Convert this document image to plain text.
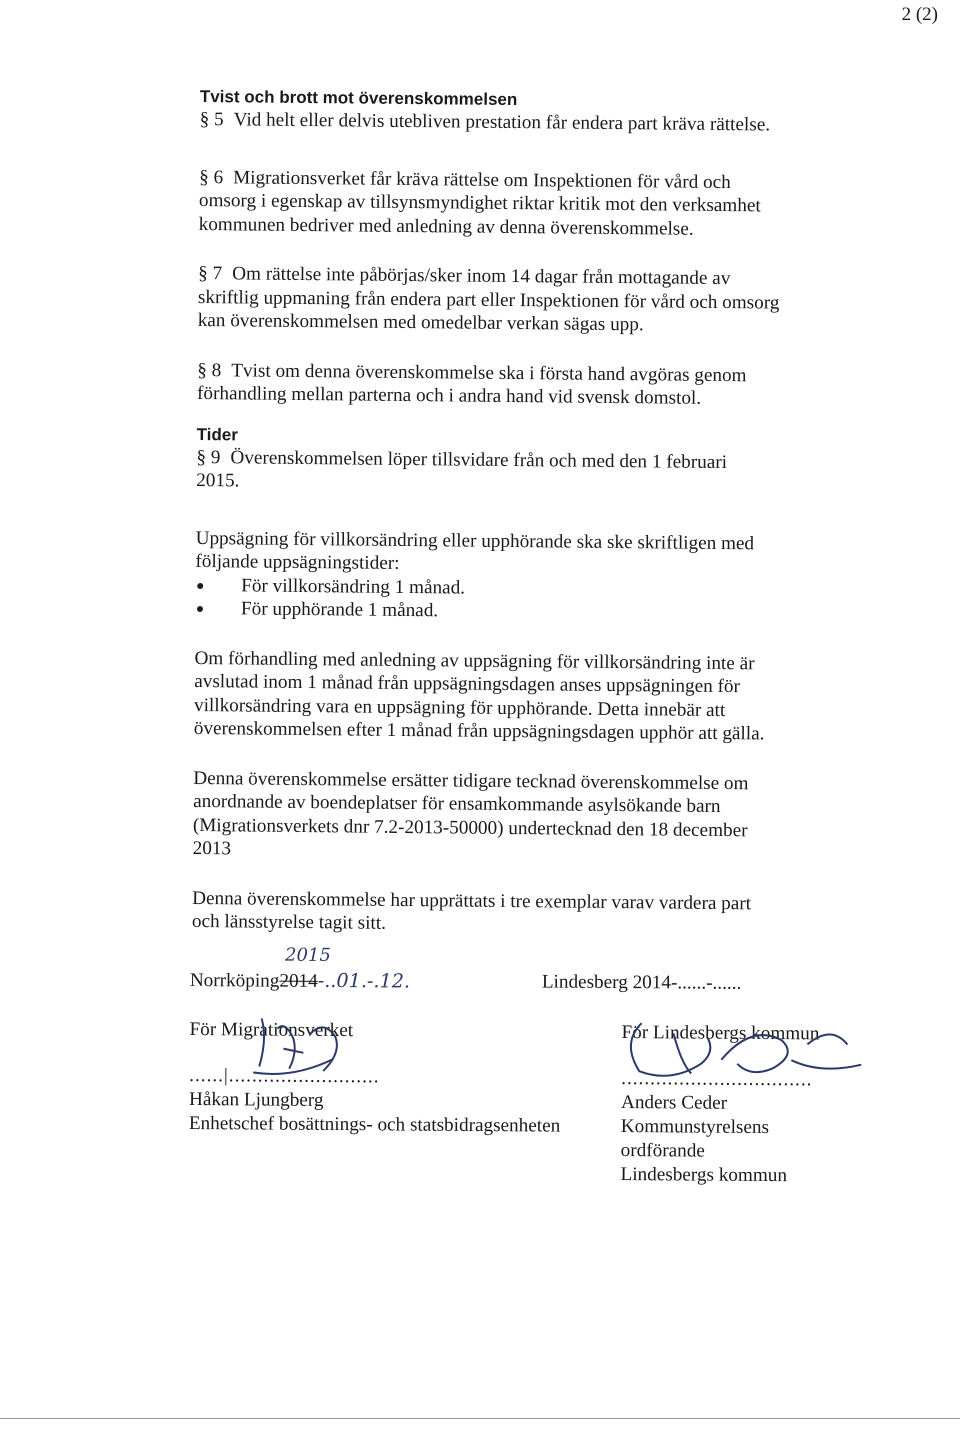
2 (2)
Tvist och brott mot överenskommelsen

§ 5 Vid helt eller delvis utebliven prestation får endera part kräva rättelse.

§ 6 Migrationsverket får kräva rättelse om Inspektionen för vård och
omsorg i egenskap av tillsynsmyndighet riktar kritik mot den verksamhet
kommunen bedriver med anledning av denna överenskommelse.
§ 7 Om rättelse inte påbörjas/sker inom 14 dagar från mottagande av
skriftlig uppmaning från endera part eller Inspektionen för vård och omsorg
kan överenskommelsen med omedelbar verkan sägas upp.
§ 8 Tvist om denna överenskommelse ska i första hand avgöras genom
förhandling mellan parterna och i andra hand vid svensk domstol.
Tider
§ 9 Överenskommelsen löper tillsvidare från och med den 1 februari
2015.
Uppsägning för villkorsändring eller upphörande ska ske skriftligen med
följande uppsägningstider:
För villkorsändring 1 månad.
För upphörande 1 månad.
Om förhandling med anledning av uppsägning för villkorsändring inte är
avslutad inom 1 månad från uppsägningsdagen anses uppsägningen för
villkorsändring vara en uppsägning för upphörande. Detta innebär att
överenskommelsen efter 1 månad från uppsägningsdagen upphör att gälla.
Denna överenskommelse ersätter tidigare tecknad överenskommelse om
anordnande av boendeplatser för ensamkommande asylsökande barn
(Migrationsverkets dnr 7.2-2013-50000) undertecknad den 18 december
2013
Denna överenskommelse har upprättats i tre exemplar varav vardera part
och länsstyrelse tagit sitt.
2015
Norrköping2014-..01.-.12.
För Migrationsverket
......|..........................
Håkan Ljungberg
Enhetschef bosättnings- och statsbidragsenheten
Lindesberg 2014-......-......
För Lindesbergs kommun
.................................
Anders Ceder
Kommunstyrelsens
ordförande
Lindesbergs kommun
